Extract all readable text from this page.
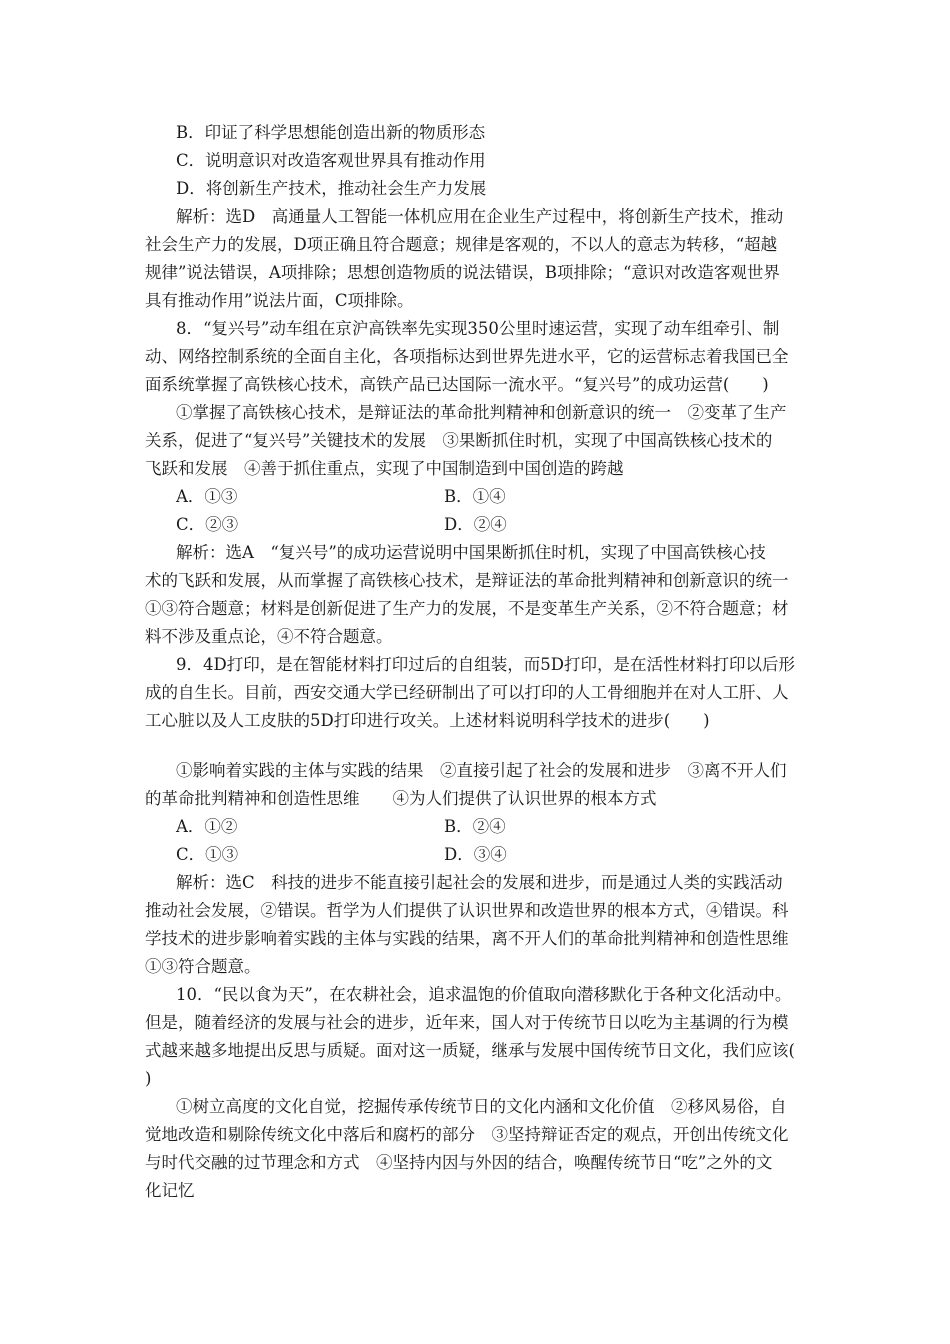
B．印证了科学思想能创造出新的物质形态
C．说明意识对改造客观世界具有推动作用
D．将创新生产技术，推动社会生产力发展
解析：选D　高通量人工智能一体机应用在企业生产过程中，将创新生产技术，推动
社会生产力的发展，D项正确且符合题意；规律是客观的，不以人的意志为转移，“超越
规律”说法错误，A项排除；思想创造物质的说法错误，B项排除；“意识对改造客观世界
具有推动作用”说法片面，C项排除。
8．“复兴号”动车组在京沪高铁率先实现350公里时速运营，实现了动车组牵引、制
动、网络控制系统的全面自主化，各项指标达到世界先进水平，它的运营标志着我国已全
面系统掌握了高铁核心技术，高铁产品已达国际一流水平。“复兴号”的成功运营(　　)
①掌握了高铁核心技术，是辩证法的革命批判精神和创新意识的统一　②变革了生产
关系，促进了“复兴号”关键技术的发展　③果断抓住时机，实现了中国高铁核心技术的
飞跃和发展　④善于抓住重点，实现了中国制造到中国创造的跨越
A．①③	B．①④
C．②③	D．②④
解析：选A　“复兴号”的成功运营说明中国果断抓住时机，实现了中国高铁核心技
术的飞跃和发展，从而掌握了高铁核心技术，是辩证法的革命批判精神和创新意识的统一
①③符合题意；材料是创新促进了生产力的发展，不是变革生产关系，②不符合题意；材
料不涉及重点论，④不符合题意。
9．4D打印，是在智能材料打印过后的自组装，而5D打印，是在活性材料打印以后形
成的自生长。目前，西安交通大学已经研制出了可以打印的人工骨细胞并在对人工肝、人
工心脏以及人工皮肤的5D打印进行攻关。上述材料说明科学技术的进步(　　)
①影响着实践的主体与实践的结果　②直接引起了社会的发展和进步　③离不开人们
的革命批判精神和创造性思维　　④为人们提供了认识世界的根本方式
A．①②	B．②④
C．①③	D．③④
解析：选C　科技的进步不能直接引起社会的发展和进步，而是通过人类的实践活动
推动社会发展，②错误。哲学为人们提供了认识世界和改造世界的根本方式，④错误。科
学技术的进步影响着实践的主体与实践的结果，离不开人们的革命批判精神和创造性思维
①③符合题意。
10．“民以食为天”，在农耕社会，追求温饱的价值取向潜移默化于各种文化活动中。
但是，随着经济的发展与社会的进步，近年来，国人对于传统节日以吃为主基调的行为模
式越来越多地提出反思与质疑。面对这一质疑，继承与发展中国传统节日文化，我们应该(
)
①树立高度的文化自觉，挖掘传承传统节日的文化内涵和文化价值　②移风易俗，自
觉地改造和剔除传统文化中落后和腐朽的部分　③坚持辩证否定的观点，开创出传统文化
与时代交融的过节理念和方式　④坚持内因与外因的结合，唤醒传统节日“吃”之外的文
化记忆
